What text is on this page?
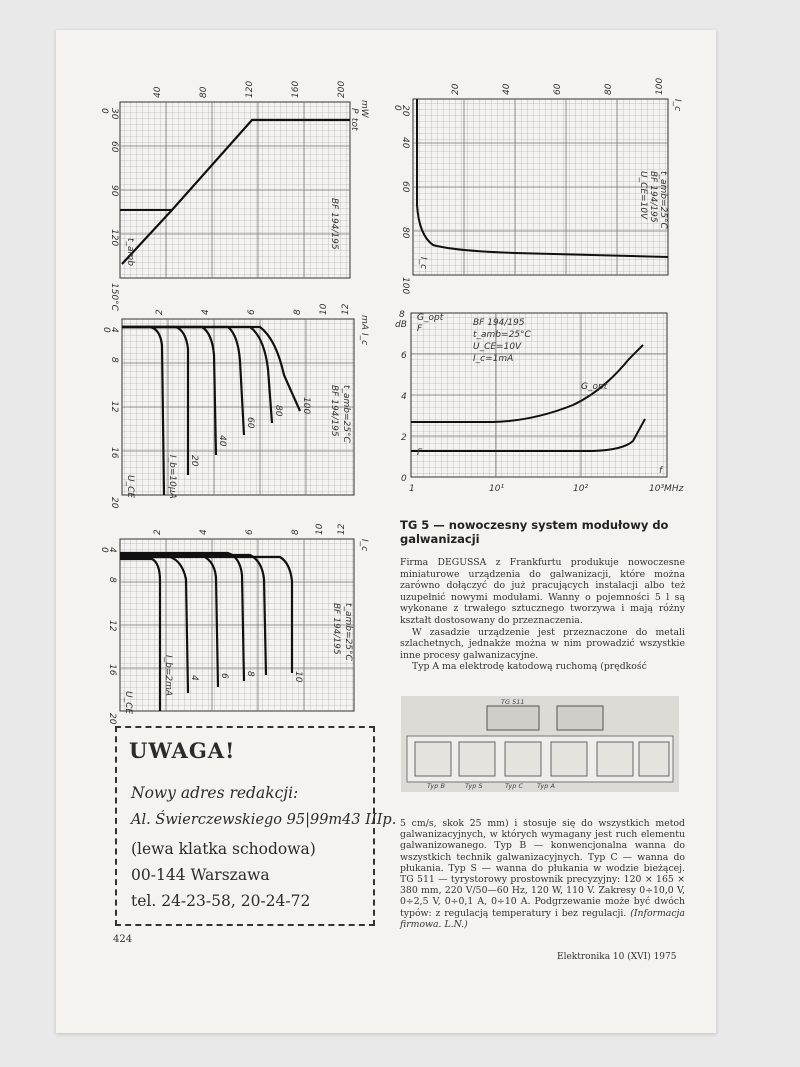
40	80	120	160	200
mW
P_tot
BF 194/195
150°C
120
90
60
30
0
t_amb
20	40	60	80	100
I_c
BF 194/195
U_CE=10V t_amb=25°C
100
80
60
40
20
0
I_c
2	4	6	8 10 12
mA
I_c
BF 194/195 t_amb=25°C
20
16
12
8
4
0
U_CE	I_b=10μA 20
40
60
80 100
8
6
4
2
0
G_opt
dB F
1	10¹	10²	10³MHz
f
G_opt
F
BF 194/195
t_amb=25°C
U_CE=10V
I_c=1mA
2	4	6	8 10 12
I_c
BF 194/195 t_amb=25°C
20
16
12
8
4
0
U_CE
I_b=2mA 4 6 8	10
TG 5 — nowoczesny system modułowy do galwanizacji

Firma DEGUSSA z Frankfurtu produkuje nowoczesne miniaturowe urządzenia do galwanizacji, które można zarówno dołączyć do już pracujących instalacji albo też uzupełnić nowymi modułami. Wanny o pojemności 5 l są wykonane z trwałego sztucznego tworzywa i mają różny kształt dostosowany do przeznaczenia.

W zasadzie urządzenie jest przeznaczone do metali szlachetnych, jednakże można w nim prowadzić wszystkie inne procesy galwanizacyjne.

Typ A ma elektrodę katodową ruchomą (prędkość

TG 511
Typ B	Typ S	Typ C Typ A
5 cm/s, skok 25 mm) i stosuje się do wszystkich metod galwanizacyjnych, w których wymagany jest ruch elementu galwanizowanego. Typ B — konwencjonalna wanna do wszystkich technik galwanizacyjnych. Typ C — wanna do płukania. Typ S — wanna do płukania w wodzie bieżącej. TG 511 — tyrystorowy prostownik precyzyjny: 120 × 165 × 380 mm, 220 V/50—60 Hz, 120 W, 110 V. Zakresy 0÷10,0 V, 0÷2,5 V, 0÷0,1 A, 0÷10 A. Podgrzewanie może być dwóch typów: z regulacją temperatury i bez regulacji. (Informacja firmowa. L.N.)
UWAGA!
Nowy adres redakcji:
Al. Świerczewskiego 95|99m43 IIIp.
(lewa klatka schodowa)
00-144 Warszawa
tel. 24-23-58, 20-24-72
424
Elektronika 10 (XVI) 1975
